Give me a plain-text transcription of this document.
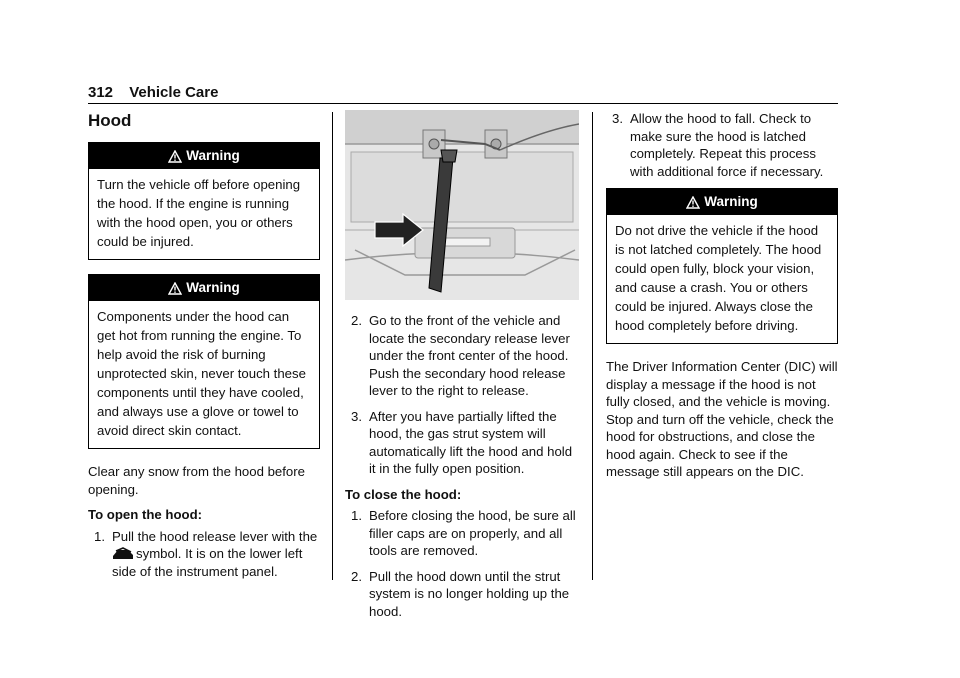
312 Vehicle Care
Hood
Warning
Turn the vehicle off before opening the hood. If the engine is running with the hood open, you or others could be injured.
Warning
Components under the hood can get hot from running the engine. To help avoid the risk of burning unprotected skin, never touch these components until they have cooled, and always use a glove or towel to avoid direct skin contact.

Clear any snow from the hood before opening.

To open the hood:

1. Pull the hood release lever with the
symbol. It is on the lower left side of the instrument panel.
2. Go to the front of the vehicle and locate the secondary release lever under the front center of the hood. Push the secondary hood release lever to the right to release.
3. After you have partially lifted the hood, the gas strut system will automatically lift the hood and hold it in the fully open position.

To close the hood:

1. Before closing the hood, be sure all filler caps are on properly, and all tools are removed.
2. Pull the hood down until the strut system is no longer holding up the hood.
3. Allow the hood to fall. Check to make sure the hood is latched completely. Repeat this process with additional force if necessary.
Warning
Do not drive the vehicle if the hood is not latched completely. The hood could open fully, block your vision, and cause a crash. You or others could be injured. Always close the hood completely before driving.

The Driver Information Center (DIC) will display a message if the hood is not fully closed, and the vehicle is moving. Stop and turn off the vehicle, check the hood for obstructions, and close the hood again. Check to see if the message still appears on the DIC.
